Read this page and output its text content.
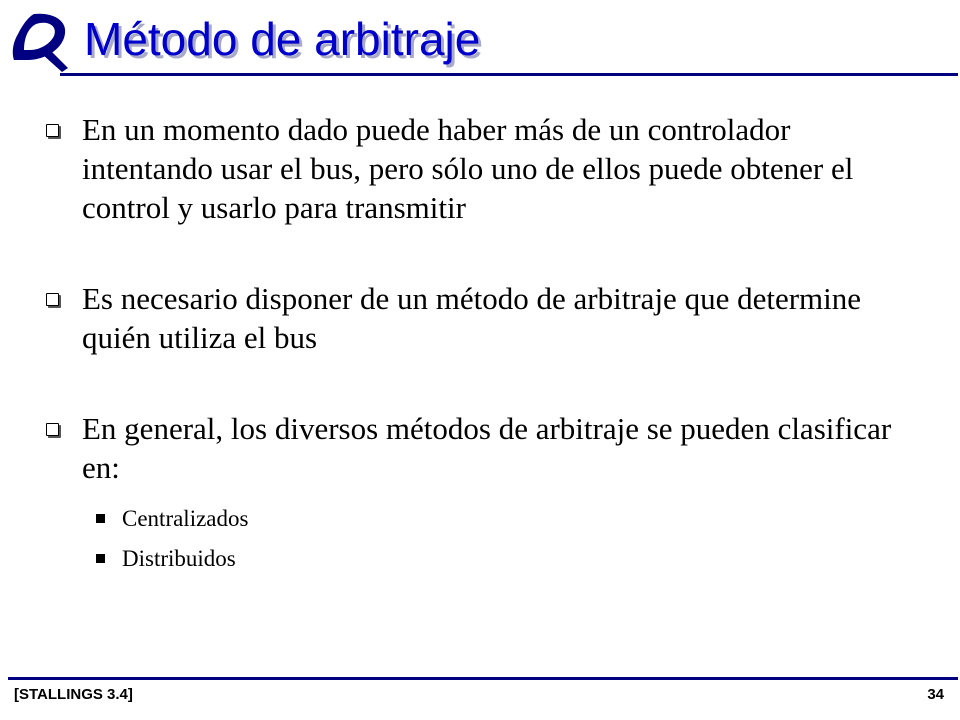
Método de arbitraje
En un momento dado puede haber más de un controlador intentando usar el bus, pero sólo uno de ellos puede obtener el control y usarlo para transmitir
Es necesario disponer de un método de arbitraje que determine quién utiliza el bus
En general, los diversos métodos de arbitraje se pueden clasificar en:
Centralizados
Distribuidos
[STALLINGS 3.4]	34
